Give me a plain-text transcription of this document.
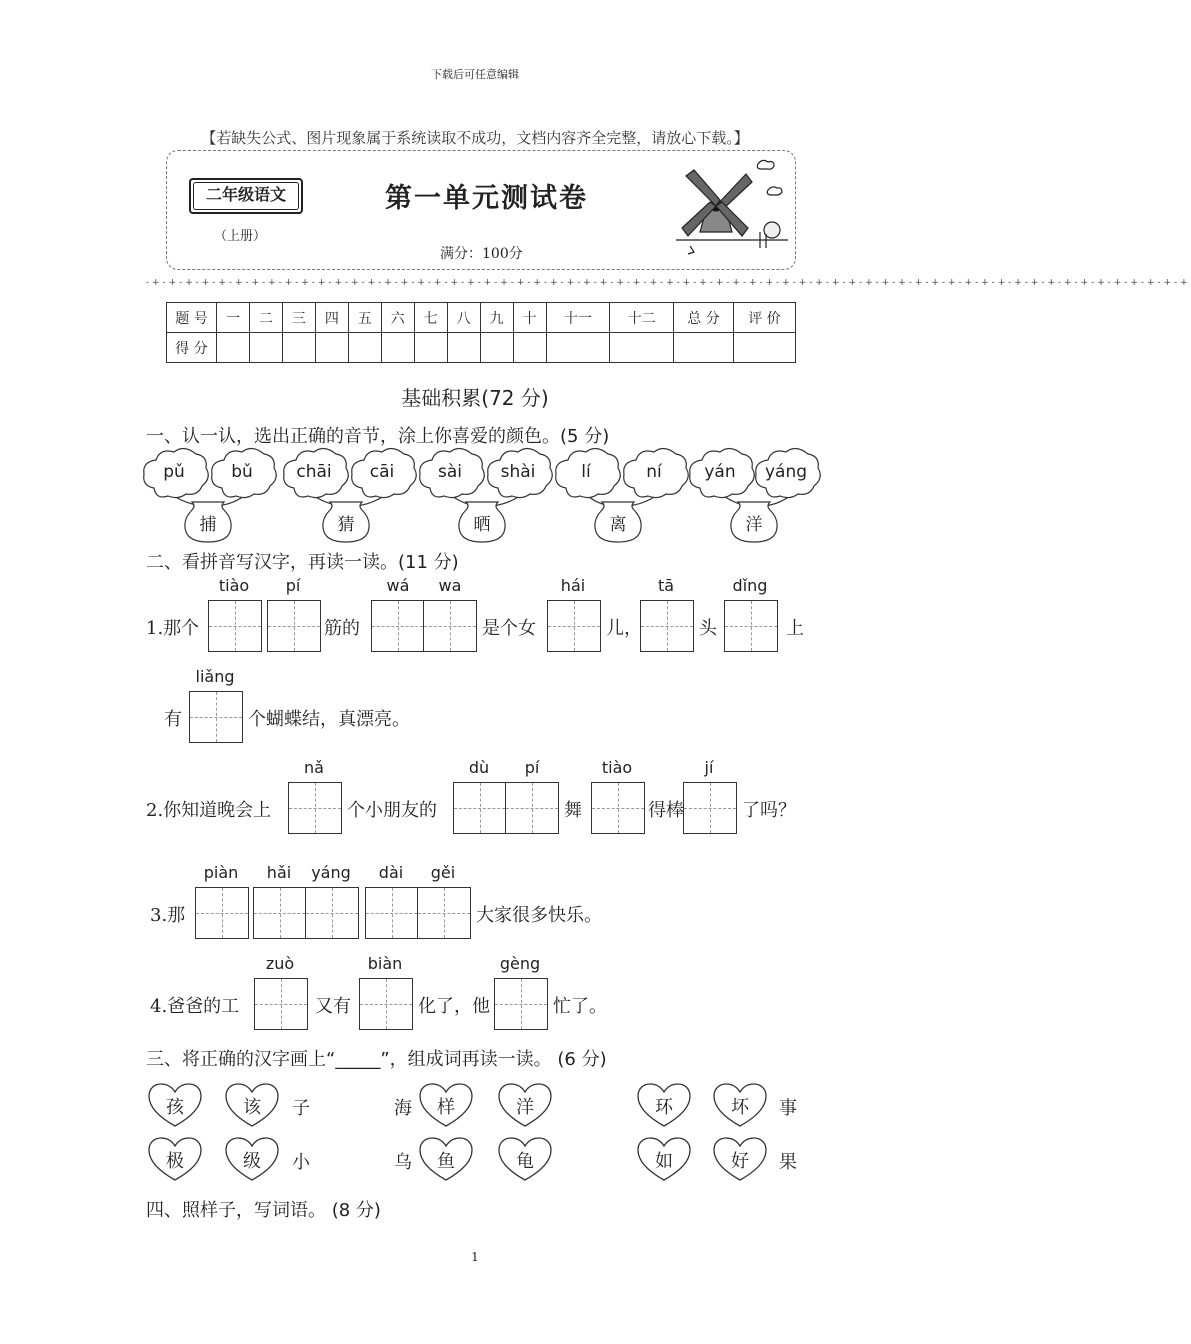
下载后可任意编辑
【若缺失公式、图片现象属于系统读取不成功，文档内容齐全完整，请放心下载。】
二年级语文
（上册）
第一单元测试卷
满分：100分
-+-+-+-+-+-+-+-+-+-+-+-+-+-+-+-+-+-+-+-+-+-+-+-+-+-+-+-+-+-+-+-+-+-+-+-+-+-+-+-+-+-+-+-+-+-+-+-+-+-+-+-+-+-+-+-+-+-+-+-+-+-+-+
题 号	一	二	三	四	五	六	七	八	九	十	十一	十二	总 分	评 价
得 分														
基础积累(72 分)
一、认一认，选出正确的音节，涂上你喜爱的颜色。(5 分)
pǔ	bǔ	chāi	cāi	sài	shài	lí	ní	yán	yáng
捕	猜	晒	离	洋
二、看拼音写汉字，再读一读。(11 分)
tiào	pí	wá	wa	hái	tā	dǐng
1.那个	筋的	是个女	儿，	头	上
liǎng
有	个蝴蝶结，真漂亮。
nǎ	dù	pí	tiào	jí
2.你知道晚会上	个小朋友的	舞	得棒	了吗？
piàn	hǎi	yáng	dài	gěi
3.那	大家很多快乐。
zuò	biàn	gèng
4.爸爸的工	又有	化了，他	忙了。
三、将正确的汉字画上“_____”，组成词再读一读。 (6 分)
孩	该	子	海	样	洋	环	坏	事
极	级	小	乌	鱼	龟	如	好	果
四、照样子，写词语。 (8 分)
1
